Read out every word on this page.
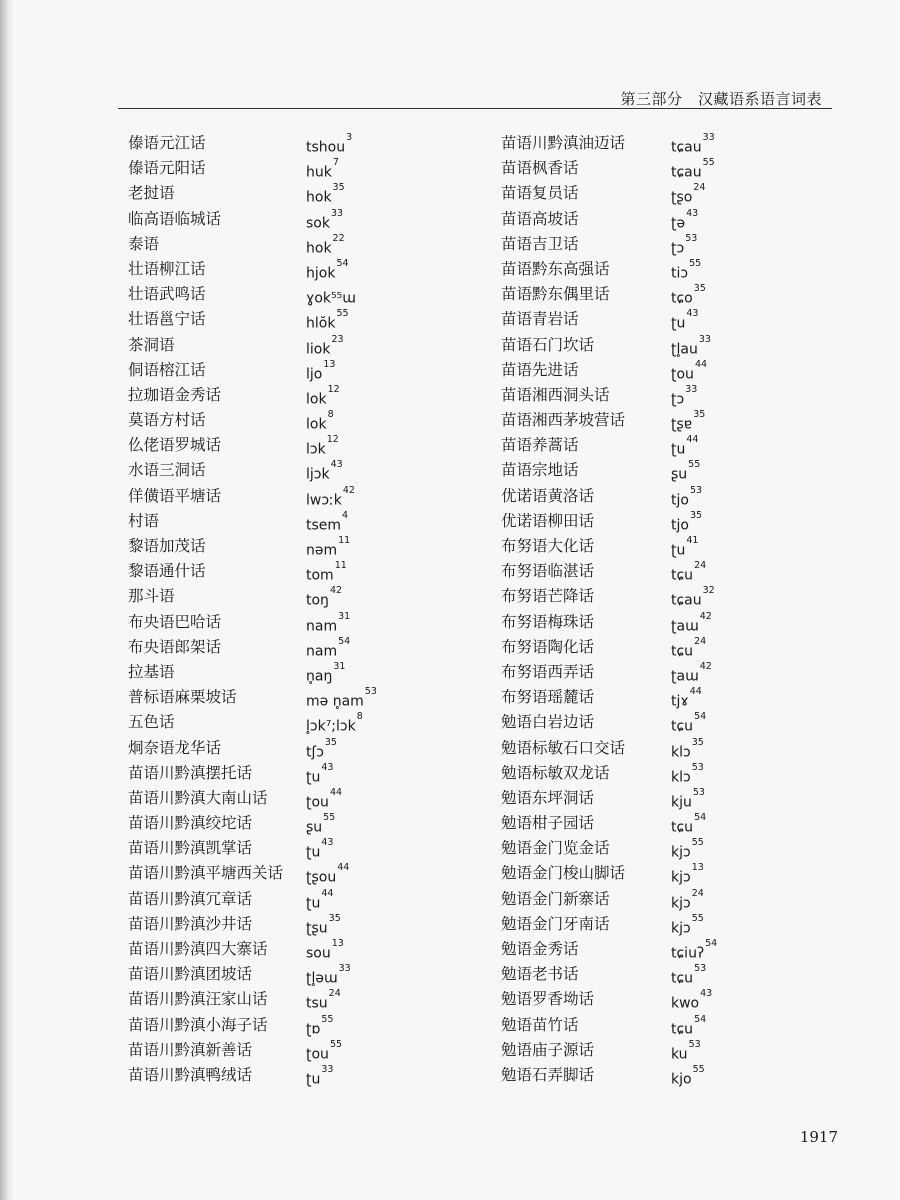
第三部分　汉藏语系语言词表
傣语元江话	tshou$^3$
傣语元阳话	huk$^7$
老挝语	hok$^{35}$
临高语临城话	sok$^{33}$
泰语	hok$^{22}$
壮语柳江话	hjok$^{54}$
壮语武鸣话	ɣok⁵⁵ɯ
壮语邕宁话	hlŏk$^{55}$
茶洞语	liok$^{23}$
侗语榕江话	ljo$^{13}$
拉珈语金秀话	lok$^{12}$
莫语方村话	lok$^8$
仫佬语罗城话	lɔk$^{12}$
水语三洞话	ljɔk$^{43}$
佯僙语平塘话	lwɔːk$^{42}$
村语	tsem$^4$
黎语加茂话	nəm$^{11}$
黎语通什话	tom$^{11}$
那斗语	toŋ$^{42}$
布央语巴哈话	nam$^{31}$
布央语郎架话	nam$^{54}$
拉基语	$n̥aŋ^{31}$
普标语麻栗坡话	mə $n̥am^{53}$
五色话	l̥ɔk⁷;lɔk$^8$
炯奈语龙华话	tʃɔ$^{35}$
苗语川黔滇摆托话	ʈu$^{43}$
苗语川黔滇大南山话	ʈou$^{44}$
苗语川黔滇绞坨话	ʂu$^{55}$
苗语川黔滇凯掌话	ʈu$^{43}$
苗语川黔滇平塘西关话 ʈʂou$^{44}$
苗语川黔滇冗章话	ʈu$^{44}$
苗语川黔滇沙井话	ʈʂu$^{35}$
苗语川黔滇四大寨话	sou$^{13}$
苗语川黔滇团坡话	ʈl̥əɯ$^{33}$
苗语川黔滇汪家山话	tsu$^{24}$
苗语川黔滇小海子话	ʈɒ$^{55}$
苗语川黔滇新善话	ʈou$^{55}$
苗语川黔滇鸭绒话	ʈu$^{33}$
苗语川黔滇油迈话	tɕau$^{33}$
苗语枫香话	tɕau$^{55}$
苗语复员话	ʈʂo$^{24}$
苗语高坡话	ʈə$^{43}$
苗语吉卫话	ʈɔ$^{53}$
苗语黔东高强话	tiɔ$^{55}$
苗语黔东偶里话	tɕo$^{35}$
苗语青岩话	ʈu$^{43}$
苗语石门坎话	$ʈl̥au^{33}$
苗语先进话	ʈou$^{44}$
苗语湘西洞头话	ʈɔ$^{33}$
苗语湘西茅坡营话	ʈʂɐ$^{35}$
苗语养蒿话	ʈu$^{44}$
苗语宗地话	ʂu$^{55}$
优诺语黄洛话	tjo$^{53}$
优诺语柳田话	tjo$^{35}$
布努语大化话	ʈu$^{41}$
布努语临湛话	tɕu$^{24}$
布努语芒降话	tɕau$^{32}$
布努语梅珠话	ʈaɯ$^{42}$
布努语陶化话	tɕu$^{24}$
布努语西弄话	ʈaɯ$^{42}$
布努语瑶麓话	tjɤ$^{44}$
勉语白岩边话	tɕu$^{54}$
勉语标敏石口交话	klɔ$^{35}$
勉语标敏双龙话	klɔ$^{53}$
勉语东坪洞话	kju$^{53}$
勉语柑子园话	tɕu$^{54}$
勉语金门览金话	kjɔ$^{55}$
勉语金门梭山脚话	kjɔ$^{13}$
勉语金门新寨话	kjɔ$^{24}$
勉语金门牙南话	kjɔ$^{55}$
勉语金秀话	tɕiuʔ$^{54}$
勉语老书话	tɕu$^{53}$
勉语罗香坳话	kwo$^{43}$
勉语苗竹话	tɕu$^{54}$
勉语庙子源话	$ku^{53}$
勉语石弄脚话	kjo$^{55}$
1917
